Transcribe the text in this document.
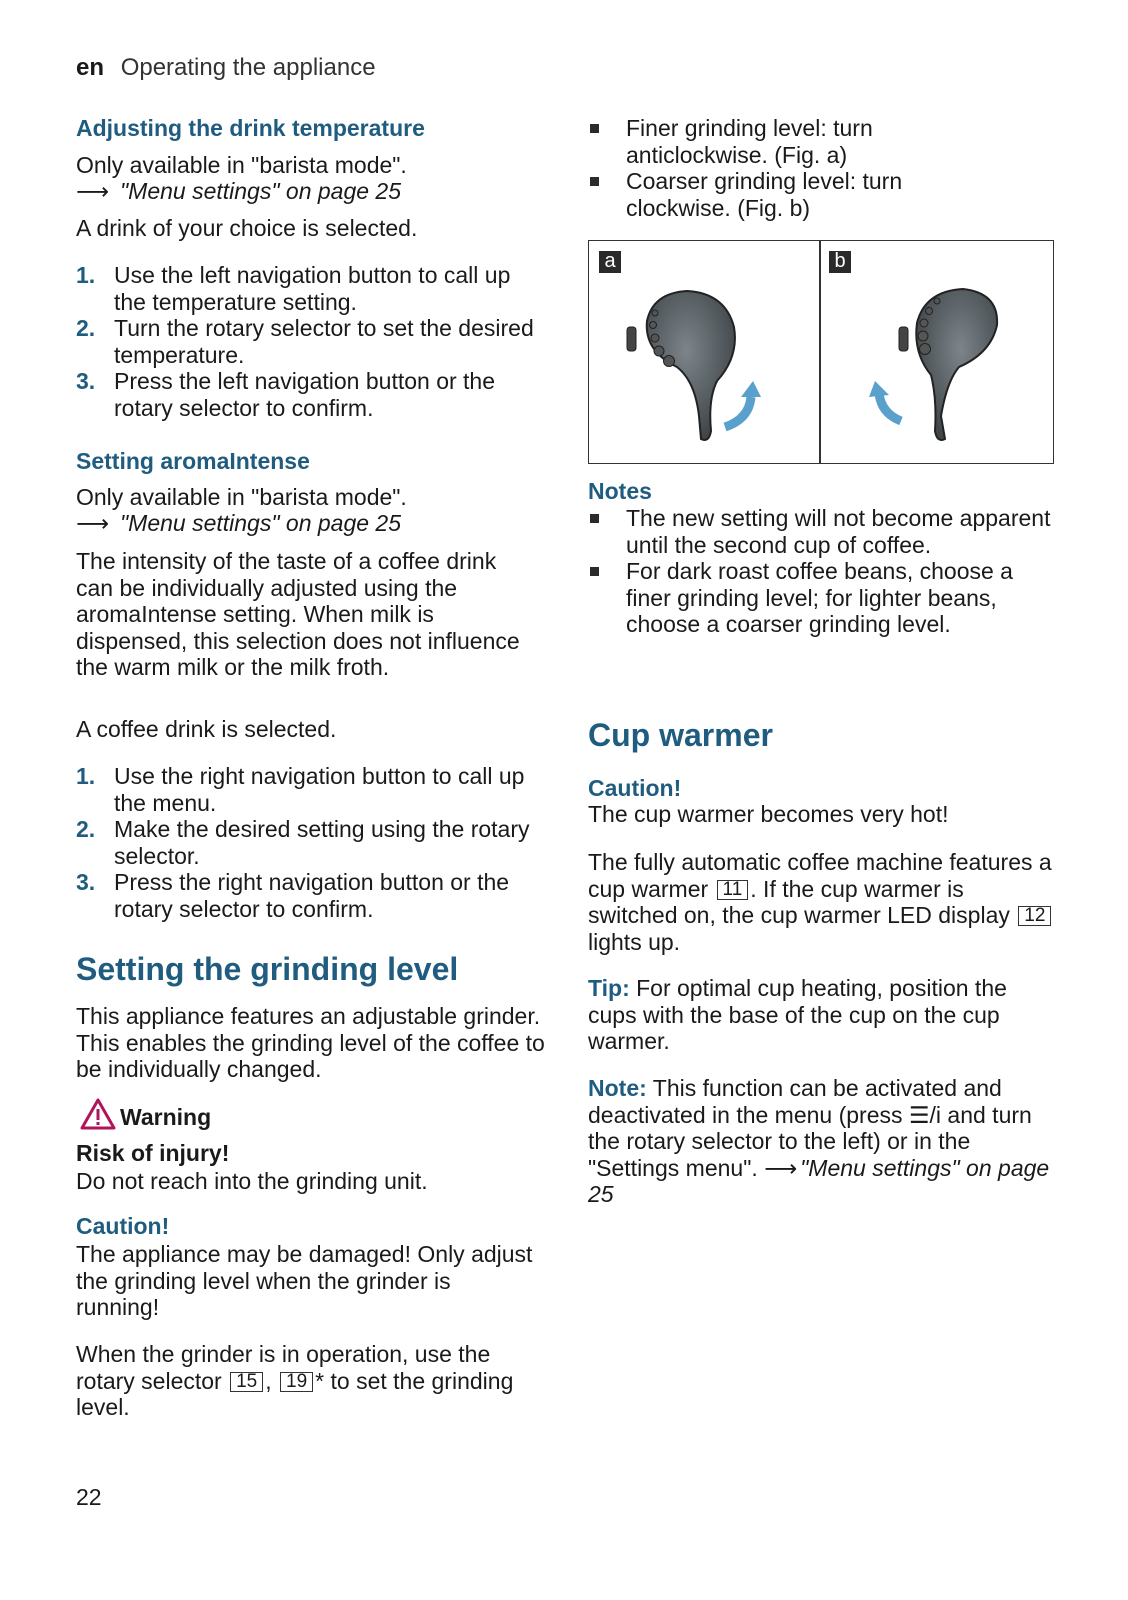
en Operating the appliance
Adjusting the drink temperature

Only available in "barista mode".

⟶ "Menu settings" on page 25

A drink of your choice is selected.

1. Use the left navigation button to call up the temperature setting.
2. Turn the rotary selector to set the desired temperature.
3. Press the left navigation button or the rotary selector to confirm.
Setting aromaIntense

Only available in "barista mode".

⟶ "Menu settings" on page 25

The intensity of the taste of a coffee drink can be individually adjusted using the aromaIntense setting. When milk is dispensed, this selection does not influence the warm milk or the milk froth.

A coffee drink is selected.

1. Use the right navigation button to call up the menu.
2. Make the desired setting using the rotary selector.
3. Press the right navigation button or the rotary selector to confirm.
Setting the grinding level

This appliance features an adjustable grinder. This enables the grinding level of the coffee to be individually changed.

Warning
Risk of injury!

Do not reach into the grinding unit.

Caution!

The appliance may be damaged! Only adjust the grinding level when the grinder is running!

When the grinder is in operation, use the rotary selector 15 , 19 * to set the grinding level.

22
Finer grinding level: turn anticlockwise. (Fig. a)
Coarser grinding level: turn clockwise. (Fig. b)
a	b
Notes
The new setting will not become apparent until the second cup of coffee.
For dark roast coffee beans, choose a finer grinding level; for lighter beans, choose a coarser grinding level.
Cup warmer
Caution!

The cup warmer becomes very hot!

The fully automatic coffee machine features a cup warmer 11 . If the cup warmer is switched on, the cup warmer LED display 12 lights up.

Tip: For optimal cup heating, position the cups with the base of the cup on the cup warmer.

Note: This function can be activated and deactivated in the menu (press ☰/i and turn the rotary selector to the left) or in the "Settings menu". ⟶ "Menu settings" on page 25
